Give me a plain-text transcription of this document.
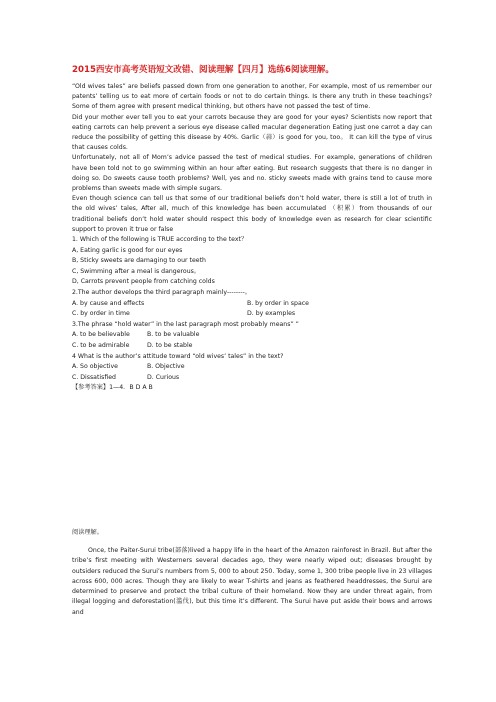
2015西安市高考英语短文改错、阅读理解【四月】选练6阅读理解。

“Old wives tales” are beliefs passed down from one generation to another, For example, most of us remember our patents’ telling us to eat more of certain foods or not to do certain things. Is there any truth in these teachings? Some of them agree with present medical thinking, but others have not passed the test of time.

Did your mother ever tell you to eat your carrots because they are good for your eyes? Scientists now report that eating carrots can help prevent a serious eye disease called macular degeneration Eating just one carrot a day can reduce the possibility of getting this disease by 40%. Garlic（蒜）is good for you, too。 It can kill the type of virus that causes colds.

Unfortunately, not all of Mom’s advice passed the test of medical studies. For example, generations of children have been told not to go swimming within an hour after eating. But research suggests that there is no danger in doing so. Do sweets cause tooth problems? Well, yes and no. sticky sweets made with grains tend to cause more problems than sweets made with simple sugars.

Even though science can tell us that some of our traditional beliefs don’t hold water, there is still a lot of truth in the old wives’ tales, After all, much of this knowledge has been accumulated （积累）from thousands of our traditional beliefs don’t hold water should respect this body of knowledge even as research for clear scientific support to proven it true or false

1. Which of the following is TRUE according to the text？

A, Eating garlic is good for our eyes

B, Sticky sweets are damaging to our teeth

C, Swimming after a meal is dangerous。

D, Carrots prevent people from catching colds

2.The author develops the third paragraph mainly--------。

A. by cause and effects	B. by order in space
C. by order in time	D. by examples

3.The phrase “hold water” in the last paragraph most probably means” ”

A. to be believable	B. to be valuable
C. to be admirable	D. to be stable

4 What is the author’s attitude toward “old wives’ tales” in the text?

A. So objective	B. Objective
C. Dissatisfied	D. Curious

【参考答案】1—4．B D A B

阅读理解。

Once, the Paiter-Surui tribe(部落)lived a happy life in the heart of the Amazon rainforest in Brazil. But after the tribe’s first meeting with Westerners several decades ago, they were nearly wiped out; diseases brought by outsiders reduced the Surui’s numbers from 5, 000 to about 250. Today, some 1, 300 tribe people live in 23 villages across 600, 000 acres. Though they are likely to wear T-shirts and jeans as feathered headdresses, the Surui are determined to preserve and protect the tribal culture of their homeland. Now they are under threat again, from illegal logging and deforestation(滥伐), but this time it’s different. The Surui have put aside their bows and arrows and
